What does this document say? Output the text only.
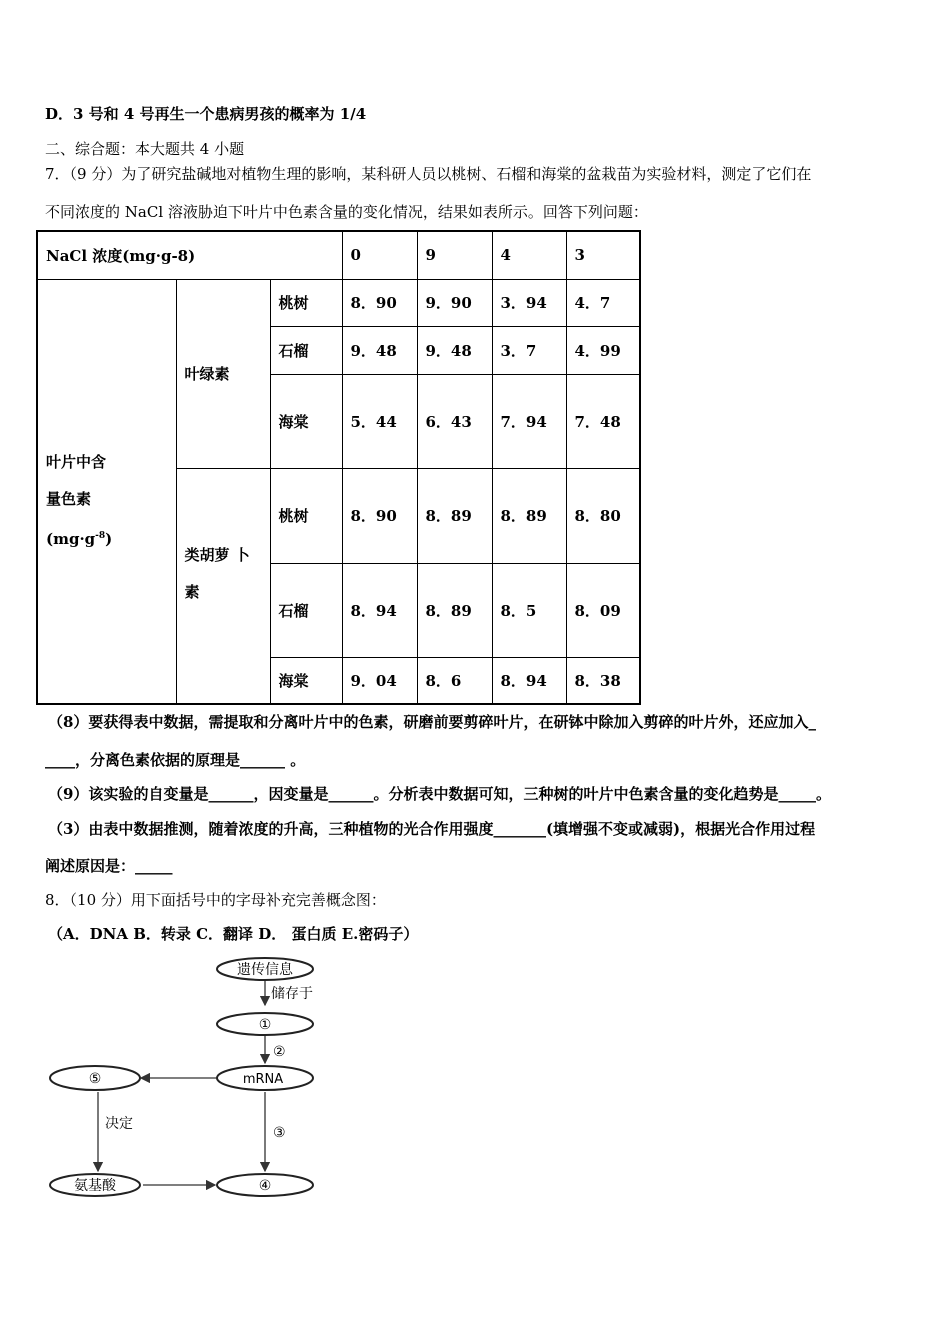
D．3 号和 4 号再生一个患病男孩的概率为 1/4
二、综合题：本大题共 4 小题
7．（9 分）为了研究盐碱地对植物生理的影响，某科研人员以桃树、石榴和海棠的盆栽苗为实验材料，测定了它们在
不同浓度的 NaCl 溶液胁迫下叶片中色素含量的变化情况，结果如表所示。回答下列问题：
NaCl 浓度(mg·g-8)			0	9	4	3

叶片中含
量色素
$(mg\cdot g^{-8})$	叶绿素	桃树	8．90	9．90	3．94	4．7
		石榴	9．48	9．48	3．7	4．99
		海棠	5．44	6．43	7．94	7．48

	类胡萝 卜
素	桃树	8．90	8．89	8．89	8．80
		石榴	8．94	8．89	8．5	8．09
		海棠	9．04	8．6	8．94	8．38
（8）要获得表中数据，需提取和分离叶片中的色素，研磨前要剪碎叶片，在研钵中除加入剪碎的叶片外，还应加入_
____，分离色素依据的原理是______ 。
（9）该实验的自变量是______，因变量是______。分析表中数据可知，三种树的叶片中色素含量的变化趋势是_____。
（3）由表中数据推测，随着浓度的升高，三种植物的光合作用强度_______(填增强不变或减弱)，根据光合作用过程
阐述原因是：_____
8．（10 分）用下面括号中的字母补充完善概念图：
（A．DNA B．转录 C．翻译 D． 蛋白质 E.密码子）
遗传信息
储存于
①
②
mRNA
⑤
决定
③
氨基酸	④
